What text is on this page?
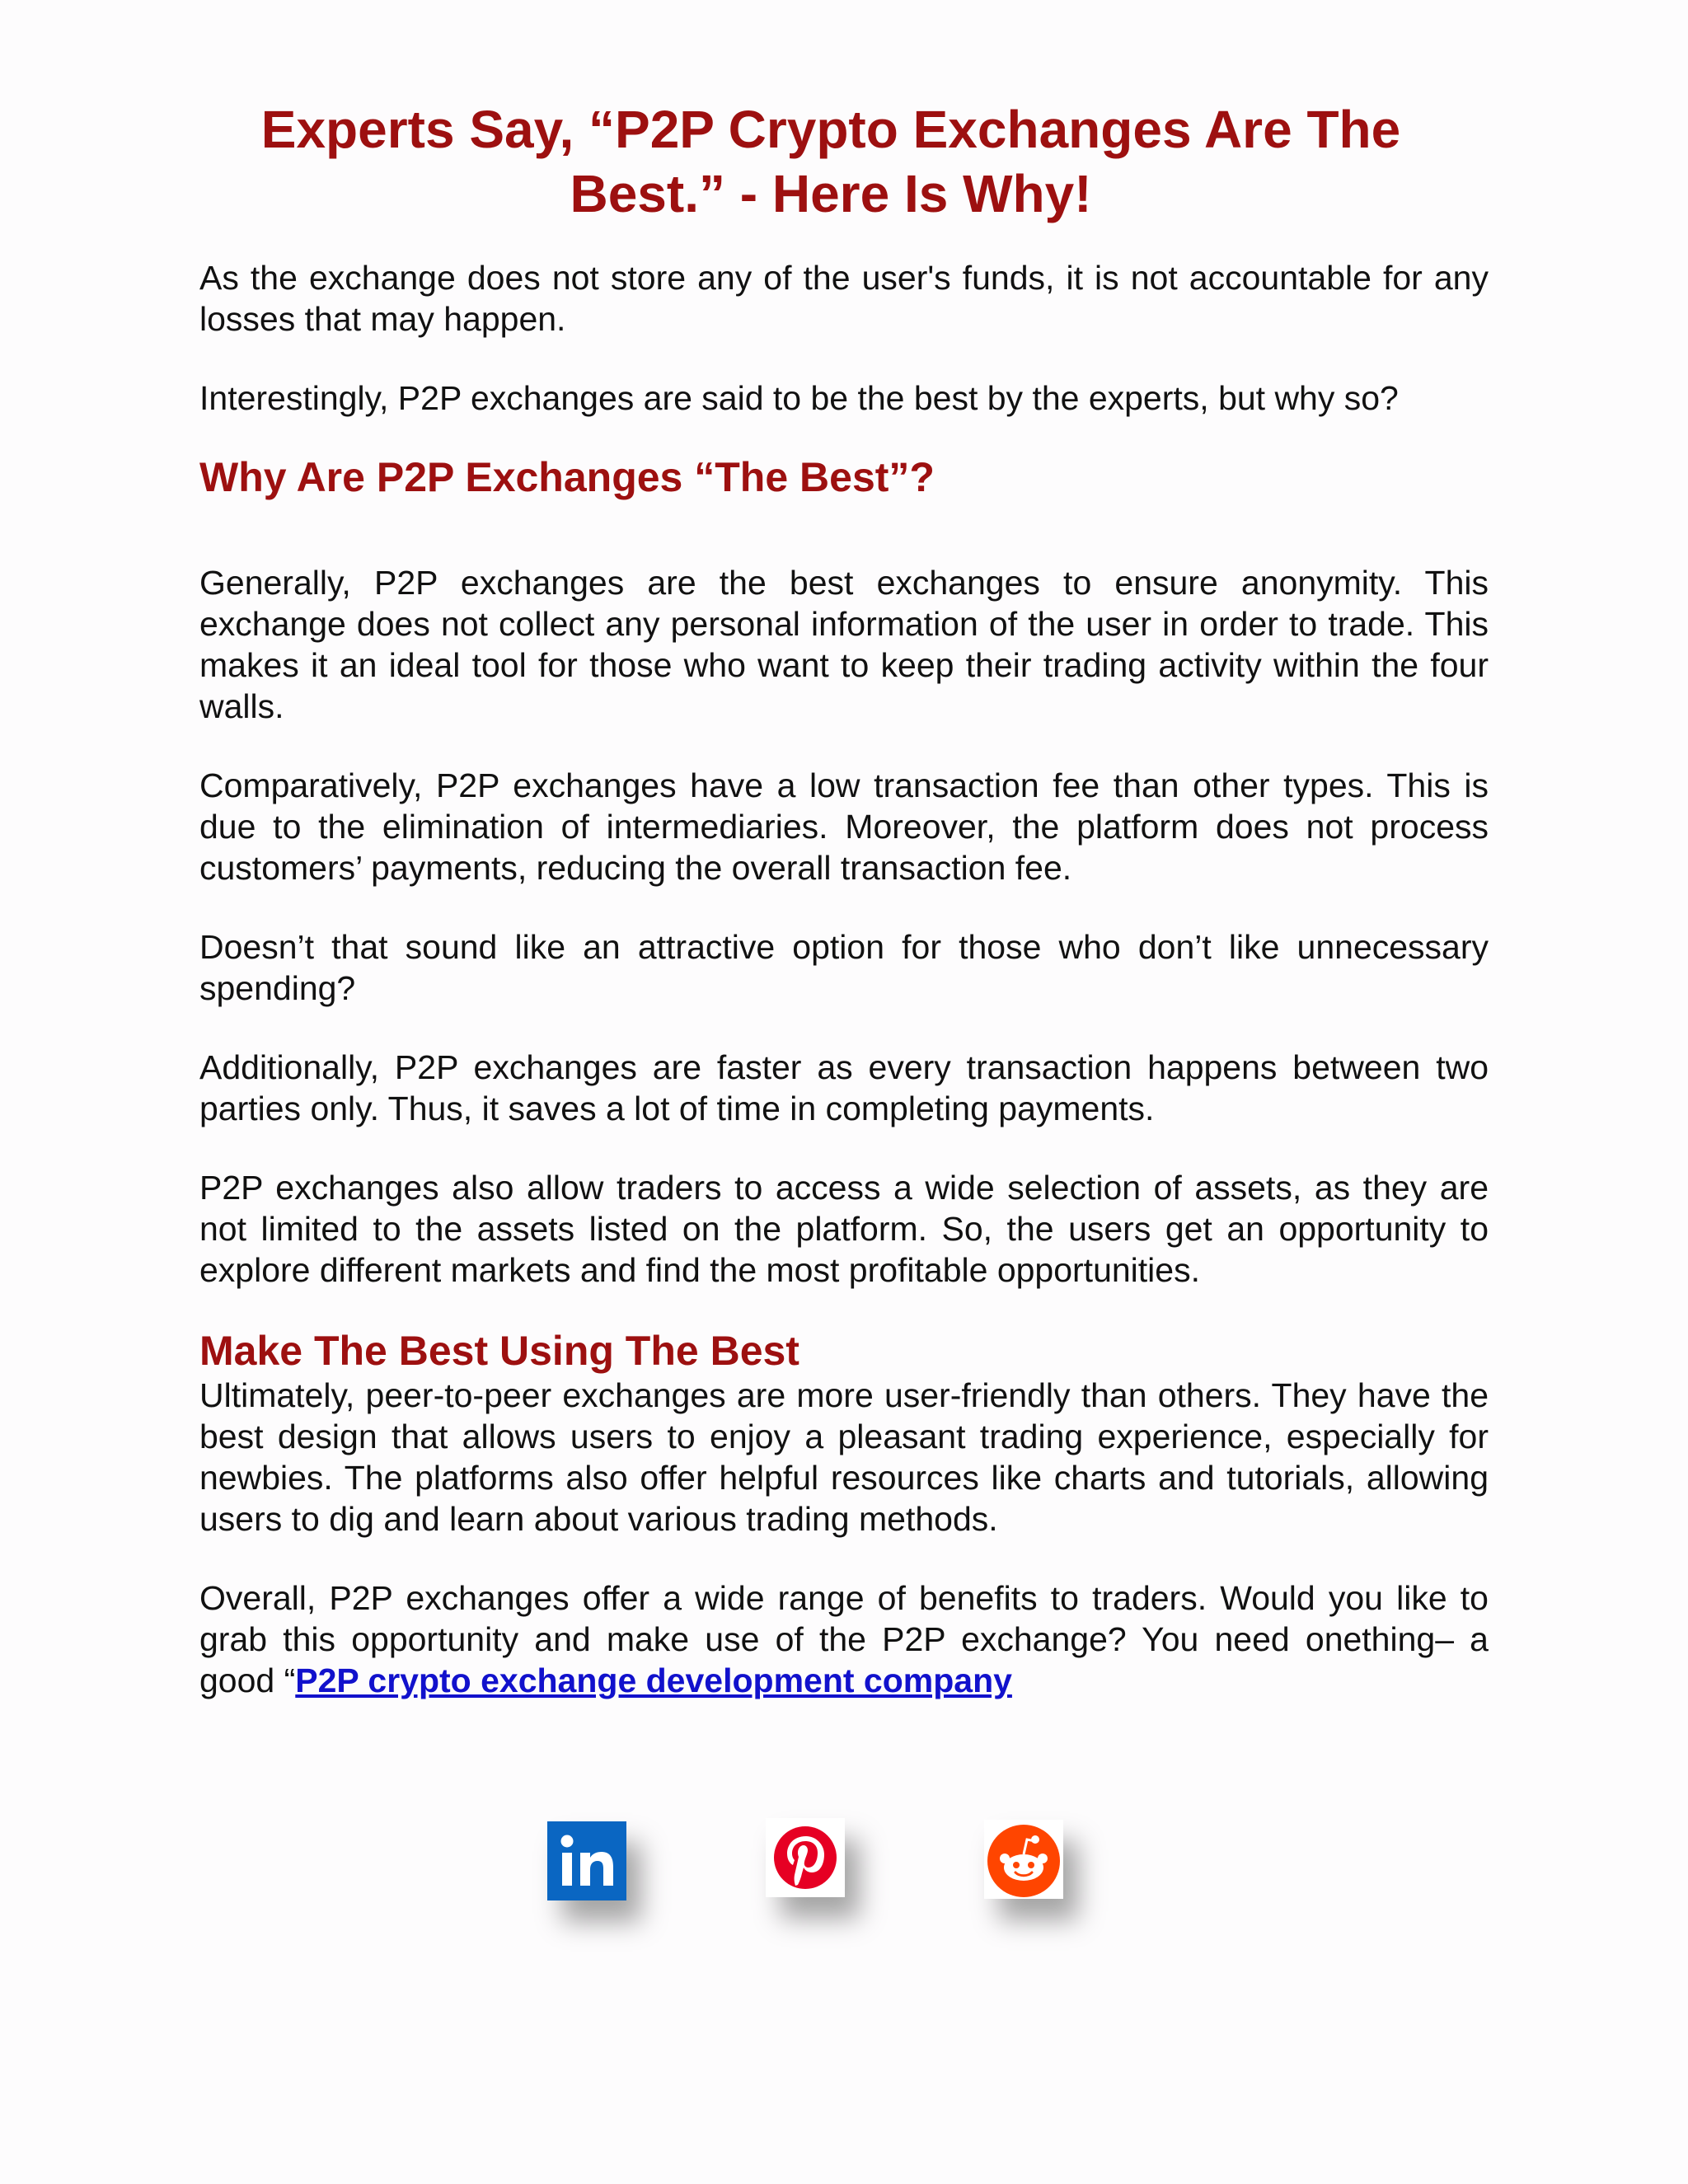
Experts Say, “P2P Crypto Exchanges Are The Best.” - Here Is Why!

As the exchange does not store any of the user's funds, it is not accountable for any losses that may happen.

Interestingly, P2P exchanges are said to be the best by the experts, but why so?

Why Are P2P Exchanges “The Best”?

Generally, P2P exchanges are the best exchanges to ensure anonymity. This exchange does not collect any personal information of the user in order to trade. This makes it an ideal tool for those who want to keep their trading activity within the four walls.

Comparatively, P2P exchanges have a low transaction fee than other types. This is due to the elimination of intermediaries. Moreover, the platform does not process customers’ payments, reducing the overall transaction fee.

Doesn’t that sound like an attractive option for those who don’t like unnecessary spending?

Additionally, P2P exchanges are faster as every transaction happens between two parties only. Thus, it saves a lot of time in completing payments.

P2P exchanges also allow traders to access a wide selection of assets, as they are not limited to the assets listed on the platform. So, the users get an opportunity to explore different markets and find the most profitable opportunities.

Make The Best Using The Best

Ultimately, peer-to-peer exchanges are more user-friendly than others. They have the best design that allows users to enjoy a pleasant trading experience, especially for newbies. The platforms also offer helpful resources like charts and tutorials, allowing users to dig and learn about various trading methods.

Overall, P2P exchanges offer a wide range of benefits to traders. Would you like to grab this opportunity and make use of the P2P exchange? You need onething– a good “P2P crypto exchange development company
